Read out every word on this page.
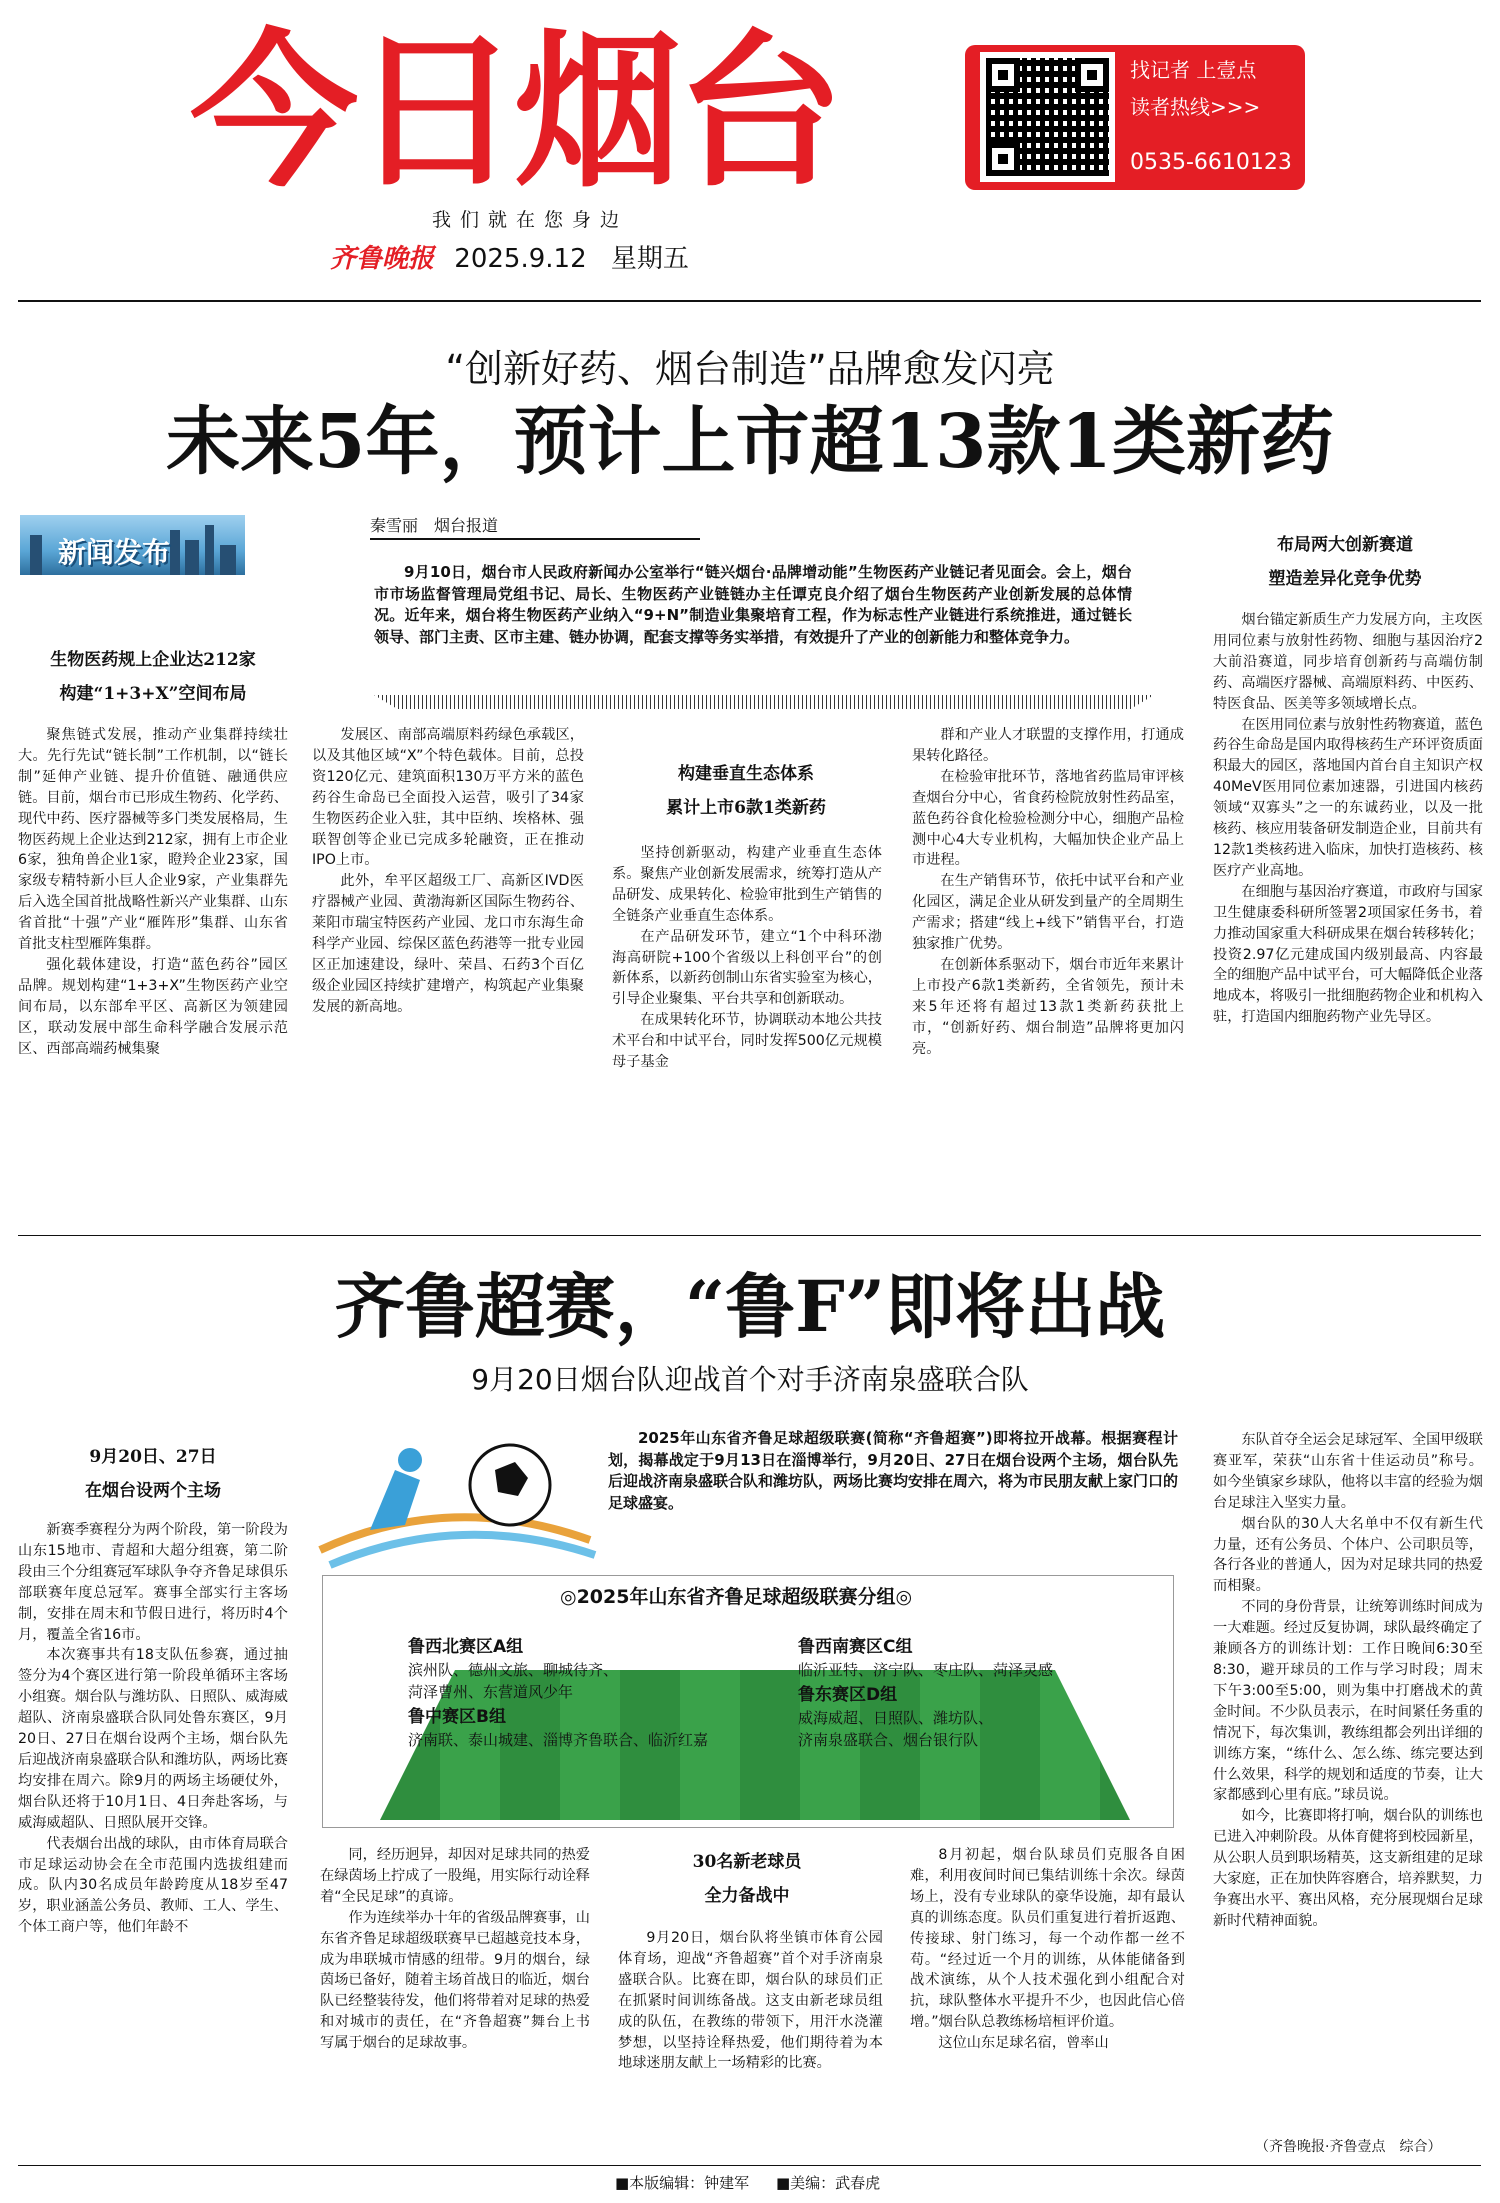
今日烟台	找记者 上壹点
读者热线>>>
0535-6610123
我们就在您身边
齐鲁晚报 2025.9.12 星期五
“创新好药、烟台制造”品牌愈发闪亮
未来5年，预计上市超13款1类新药
新闻发布
秦雪丽　烟台报道

9月10日，烟台市人民政府新闻办公室举行“链兴烟台·品牌增动能”生物医药产业链记者见面会。会上，烟台市市场监督管理局党组书记、局长、生物医药产业链链办主任谭克良介绍了烟台生物医药产业创新发展的总体情况。近年来，烟台将生物医药产业纳入“9+N”制造业集聚培育工程，作为标志性产业链进行系统推进，通过链长领导、部门主责、区市主建、链办协调，配套支撑等务实举措，有效提升了产业的创新能力和整体竞争力。

生物医药规上企业达212家
构建“1+3+X”空间布局

聚焦链式发展，推动产业集群持续壮大。先行先试“链长制”工作机制，以“链长制”延伸产业链、提升价值链、融通供应链。目前，烟台市已形成生物药、化学药、现代中药、医疗器械等多门类发展格局，生物医药规上企业达到212家，拥有上市企业6家，独角兽企业1家，瞪羚企业23家，国家级专精特新小巨人企业9家，产业集群先后入选全国首批战略性新兴产业集群、山东省首批“十强”产业“雁阵形”集群、山东省首批支柱型雁阵集群。

强化载体建设，打造“蓝色药谷”园区品牌。规划构建“1+3+X”生物医药产业空间布局，以东部牟平区、高新区为领建园区，联动发展中部生命科学融合发展示范区、西部高端药械集聚

发展区、南部高端原料药绿色承载区，以及其他区域“X”个特色载体。目前，总投资120亿元、建筑面积130万平方米的蓝色药谷生命岛已全面投入运营，吸引了34家生物医药企业入驻，其中臣纳、埃格林、强联智创等企业已完成多轮融资，正在推动IPO上市。

此外，牟平区超级工厂、高新区IVD医疗器械产业园、黄渤海新区国际生物药谷、莱阳市瑞宝特医药产业园、龙口市东海生命科学产业园、综保区蓝色药港等一批专业园区正加速建设，绿叶、荣昌、石药3个百亿级企业园区持续扩建增产，构筑起产业集聚发展的新高地。

构建垂直生态体系
累计上市6款1类新药

坚持创新驱动，构建产业垂直生态体系。聚焦产业创新发展需求，统筹打造从产品研发、成果转化、检验审批到生产销售的全链条产业垂直生态体系。

在产品研发环节，建立“1个中科环渤海高研院+100个省级以上科创平台”的创新体系，以新药创制山东省实验室为核心，引导企业聚集、平台共享和创新联动。

在成果转化环节，协调联动本地公共技术平台和中试平台，同时发挥500亿元规模母子基金

群和产业人才联盟的支撑作用，打通成果转化路径。

在检验审批环节，落地省药监局审评核查烟台分中心，省食药检院放射性药品室，蓝色药谷食化检验检测分中心，细胞产品检测中心4大专业机构，大幅加快企业产品上市进程。

在生产销售环节，依托中试平台和产业化园区，满足企业从研发到量产的全周期生产需求；搭建“线上+线下”销售平台，打造独家推广优势。

在创新体系驱动下，烟台市近年来累计上市投产6款1类新药，全省领先，预计未来5年还将有超过13款1类新药获批上市，“创新好药、烟台制造”品牌将更加闪亮。

布局两大创新赛道
塑造差异化竞争优势

烟台锚定新质生产力发展方向，主攻医用同位素与放射性药物、细胞与基因治疗2大前沿赛道，同步培育创新药与高端仿制药、高端医疗器械、高端原料药、中医药、特医食品、医美等多领域增长点。

在医用同位素与放射性药物赛道，蓝色药谷生命岛是国内取得核药生产环评资质面积最大的园区，落地国内首台自主知识产权40MeV医用同位素加速器，引进国内核药领域“双寡头”之一的东诚药业，以及一批核药、核应用装备研发制造企业，目前共有12款1类核药进入临床，加快打造核药、核医疗产业高地。

在细胞与基因治疗赛道，市政府与国家卫生健康委科研所签署2项国家任务书，着力推动国家重大科研成果在烟台转移转化；投资2.97亿元建成国内级别最高、内容最全的细胞产品中试平台，可大幅降低企业落地成本，将吸引一批细胞药物企业和机构入驻，打造国内细胞药物产业先导区。

齐鲁超赛，“鲁F”即将出战
9月20日烟台队迎战首个对手济南泉盛联合队
9月20日、27日
在烟台设两个主场

新赛季赛程分为两个阶段，第一阶段为山东15地市、青超和大超分组赛，第二阶段由三个分组赛冠军球队争夺齐鲁足球俱乐部联赛年度总冠军。赛事全部实行主客场制，安排在周末和节假日进行，将历时4个月，覆盖全省16市。

本次赛事共有18支队伍参赛，通过抽签分为4个赛区进行第一阶段单循环主客场小组赛。烟台队与潍坊队、日照队、威海威超队、济南泉盛联合队同处鲁东赛区，9月20日、27日在烟台设两个主场，烟台队先后迎战济南泉盛联合队和潍坊队，两场比赛均安排在周六。除9月的两场主场硬仗外，烟台队还将于10月1日、4日奔赴客场，与威海威超队、日照队展开交锋。

代表烟台出战的球队，由市体育局联合市足球运动协会在全市范围内选拔组建而成。队内30名成员年龄跨度从18岁至47岁，职业涵盖公务员、教师、工人、学生、个体工商户等，他们年龄不

2025年山东省齐鲁足球超级联赛(简称“齐鲁超赛”)即将拉开战幕。根据赛程计划，揭幕战定于9月13日在淄博举行，9月20日、27日在烟台设两个主场，烟台队先后迎战济南泉盛联合队和潍坊队，两场比赛均安排在周六，将为市民朋友献上家门口的足球盛宴。

◎2025年山东省齐鲁足球超级联赛分组◎
鲁西北赛区A组
滨州队、德州文旅、聊城待齐、
菏泽曹州、东营道风少年
鲁中赛区B组
济南联、泰山城建、淄博齐鲁联合、临沂红嘉
鲁西南赛区C组
临沂亚特、济宁队、枣庄队、菏泽灵感
鲁东赛区D组
威海威超、日照队、潍坊队、
济南泉盛联合、烟台银行队

同，经历迥异，却因对足球共同的热爱在绿茵场上拧成了一股绳，用实际行动诠释着“全民足球”的真谛。

作为连续举办十年的省级品牌赛事，山东省齐鲁足球超级联赛早已超越竞技本身，成为串联城市情感的纽带。9月的烟台，绿茵场已备好，随着主场首战日的临近，烟台队已经整装待发，他们将带着对足球的热爱和对城市的责任，在“齐鲁超赛”舞台上书写属于烟台的足球故事。

30名新老球员
全力备战中

9月20日，烟台队将坐镇市体育公园体育场，迎战“齐鲁超赛”首个对手济南泉盛联合队。比赛在即，烟台队的球员们正在抓紧时间训练备战。这支由新老球员组成的队伍，在教练的带领下，用汗水浇灌梦想，以坚持诠释热爱，他们期待着为本地球迷朋友献上一场精彩的比赛。

8月初起，烟台队球员们克服各自困难，利用夜间时间已集结训练十余次。绿茵场上，没有专业球队的豪华设施，却有最认真的训练态度。队员们重复进行着折返跑、传接球、射门练习，每一个动作都一丝不苟。“经过近一个月的训练，从体能储备到战术演练，从个人技术强化到小组配合对抗，球队整体水平提升不少，也因此信心倍增。”烟台队总教练杨培桓评价道。

这位山东足球名宿，曾率山

东队首夺全运会足球冠军、全国甲级联赛亚军，荣获“山东省十佳运动员”称号。如今坐镇家乡球队，他将以丰富的经验为烟台足球注入坚实力量。

烟台队的30人大名单中不仅有新生代力量，还有公务员、个体户、公司职员等，各行各业的普通人，因为对足球共同的热爱而相聚。

不同的身份背景，让统筹训练时间成为一大难题。经过反复协调，球队最终确定了兼顾各方的训练计划：工作日晚间6:30至8:30，避开球员的工作与学习时段；周末下午3:00至5:00，则为集中打磨战术的黄金时间。不少队员表示，在时间紧任务重的情况下，每次集训，教练组都会列出详细的训练方案，“练什么、怎么练、练完要达到什么效果，科学的规划和适度的节奏，让大家都感到心里有底。”球员说。

如今，比赛即将打响，烟台队的训练也已进入冲刺阶段。从体育健将到校园新星，从公职人员到职场精英，这支新组建的足球大家庭，正在加快阵容磨合，培养默契，力争赛出水平、赛出风格，充分展现烟台足球新时代精神面貌。

（齐鲁晚报·齐鲁壹点　综合）
■本版编辑：钟建军 ■美编：武春虎
